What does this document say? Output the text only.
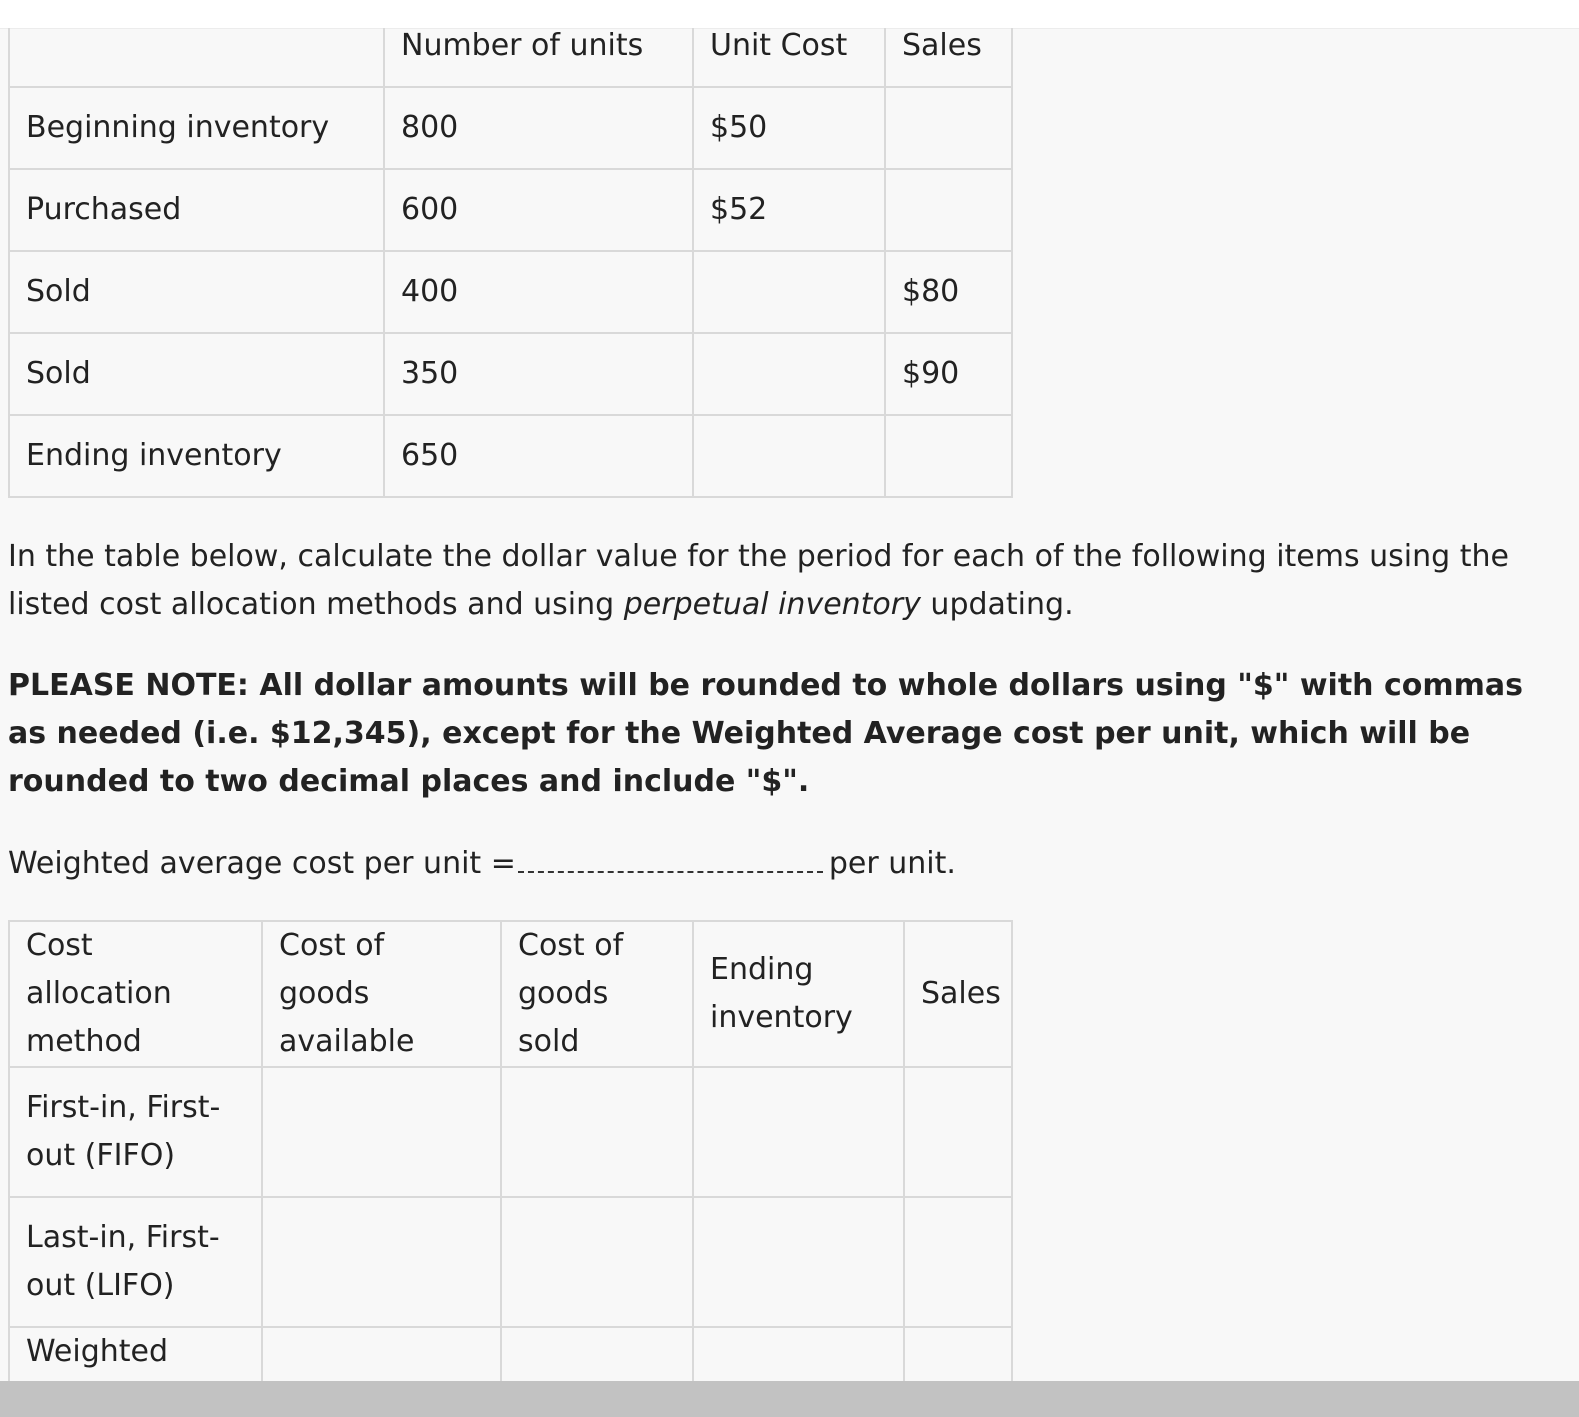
	Number of units	Unit Cost	Sales
Beginning inventory	800	$50	
Purchased	600	$52	
Sold	400		$80
Sold	350		$90
Ending inventory	650		

In the table below, calculate the dollar value for the period for each of the following items using the listed cost allocation methods and using perpetual inventory updating.

PLEASE NOTE: All dollar amounts will be rounded to whole dollars using "$" with commas as needed (i.e. $12,345), except for the Weighted Average cost per unit, which will be rounded to two decimal places and include "$".

Weighted average cost per unit =	per unit.

Cost allocation method	Cost of goods available	Cost of goods sold	Ending inventory	Sales
First-in, First-out (FIFO)				
Last-in, First-out (LIFO)				
Weighted				
